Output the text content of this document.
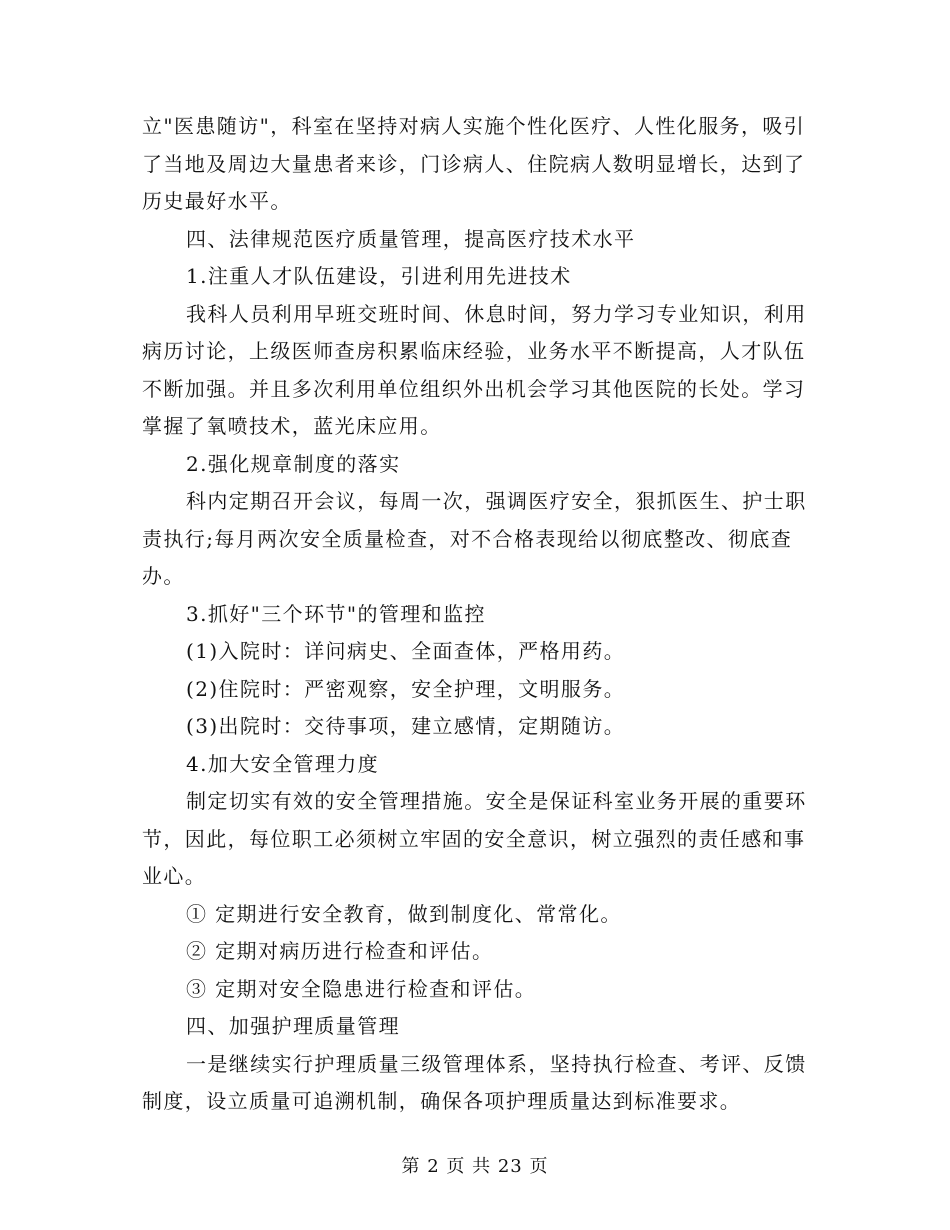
立"医患随访"，科室在坚持对病人实施个性化医疗、人性化服务，吸引了当地及周边大量患者来诊，门诊病人、住院病人数明显增长，达到了历史最好水平。

四、法律规范医疗质量管理，提高医疗技术水平

1.注重人才队伍建设，引进利用先进技术

我科人员利用早班交班时间、休息时间，努力学习专业知识，利用病历讨论，上级医师查房积累临床经验，业务水平不断提高，人才队伍不断加强。并且多次利用单位组织外出机会学习其他医院的长处。学习掌握了氧喷技术，蓝光床应用。

2.强化规章制度的落实

科内定期召开会议，每周一次，强调医疗安全，狠抓医生、护士职责执行;每月两次安全质量检查，对不合格表现给以彻底整改、彻底查办。

3.抓好"三个环节"的管理和监控

(1)入院时：详问病史、全面查体，严格用药。

(2)住院时：严密观察，安全护理，文明服务。

(3)出院时：交待事项，建立感情，定期随访。

4.加大安全管理力度

制定切实有效的安全管理措施。安全是保证科室业务开展的重要环节，因此，每位职工必须树立牢固的安全意识，树立强烈的责任感和事业心。

① 定期进行安全教育，做到制度化、常常化。

② 定期对病历进行检查和评估。

③ 定期对安全隐患进行检查和评估。

四、加强护理质量管理

一是继续实行护理质量三级管理体系，坚持执行检查、考评、反馈制度，设立质量可追溯机制，确保各项护理质量达到标准要求。

第 2 页 共 23 页
